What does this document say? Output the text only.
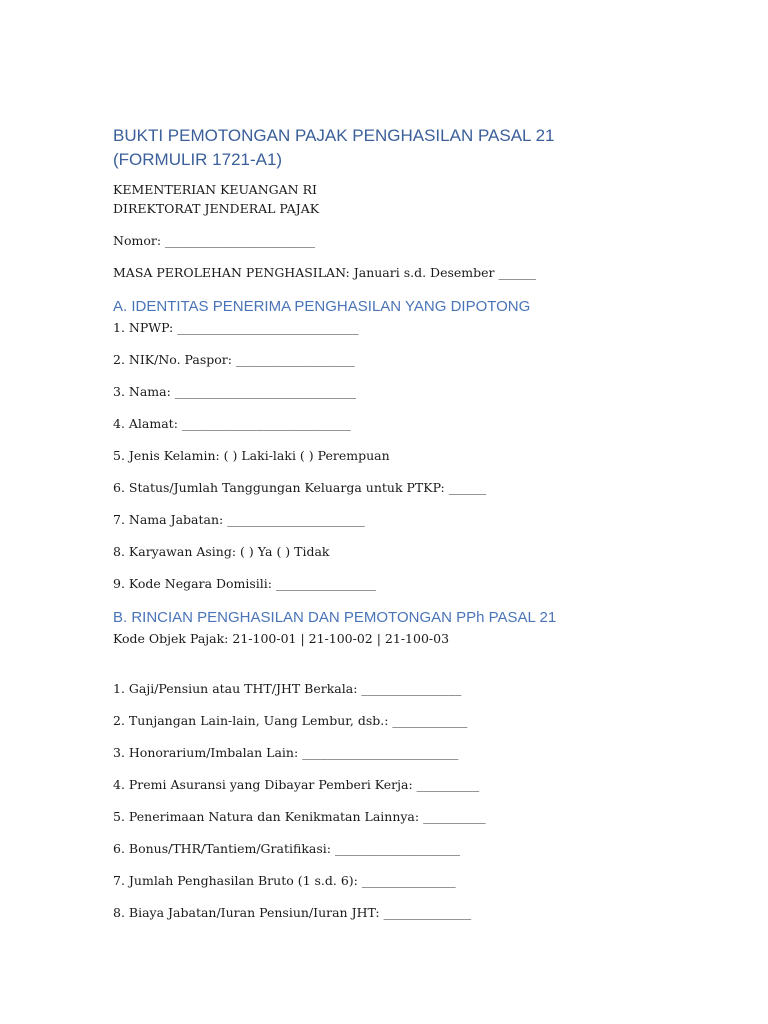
BUKTI PEMOTONGAN PAJAK PENGHASILAN PASAL 21 (FORMULIR 1721-A1)

KEMENTERIAN KEUANGAN RI

DIREKTORAT JENDERAL PAJAK

Nomor: ________________________

MASA PEROLEHAN PENGHASILAN: Januari s.d. Desember ______

A. IDENTITAS PENERIMA PENGHASILAN YANG DIPOTONG

1. NPWP: _____________________________

2. NIK/No. Paspor: ___________________

3. Nama: _____________________________

4. Alamat: ___________________________

5. Jenis Kelamin: ( ) Laki-laki ( ) Perempuan

6. Status/Jumlah Tanggungan Keluarga untuk PTKP: ______

7. Nama Jabatan: ______________________

8. Karyawan Asing: ( ) Ya ( ) Tidak

9. Kode Negara Domisili: ________________

B. RINCIAN PENGHASILAN DAN PEMOTONGAN PPh PASAL 21

Kode Objek Pajak: 21-100-01 | 21-100-02 | 21-100-03

1. Gaji/Pensiun atau THT/JHT Berkala: ________________

2. Tunjangan Lain-lain, Uang Lembur, dsb.: ____________

3. Honorarium/Imbalan Lain: _________________________

4. Premi Asuransi yang Dibayar Pemberi Kerja: __________

5. Penerimaan Natura dan Kenikmatan Lainnya: __________

6. Bonus/THR/Tantiem/Gratifikasi: ____________________

7. Jumlah Penghasilan Bruto (1 s.d. 6): _______________

8. Biaya Jabatan/Iuran Pensiun/Iuran JHT: ______________
